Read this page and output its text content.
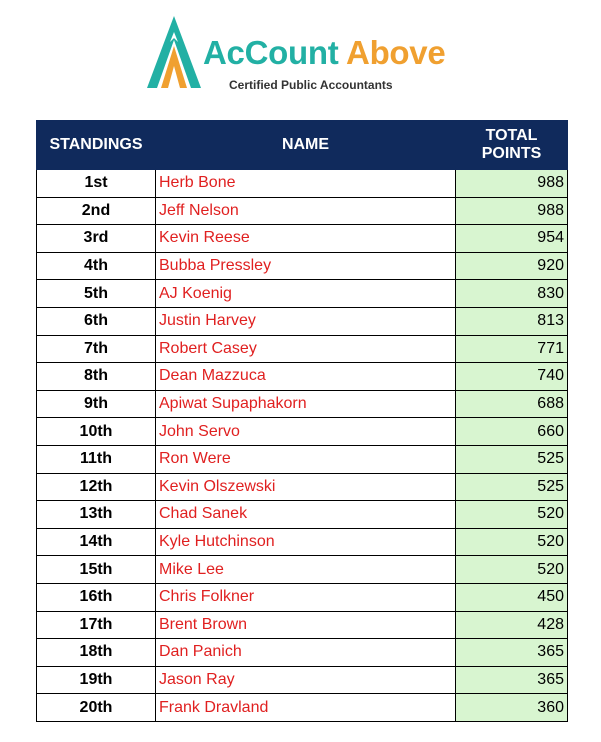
AcCount Above
Certified Public Accountants
STANDINGS	NAME	TOTAL
POINTS
1st	Herb Bone	988
2nd	Jeff Nelson	988
3rd	Kevin Reese	954
4th	Bubba Pressley	920
5th	AJ Koenig	830
6th	Justin Harvey	813
7th	Robert Casey	771
8th	Dean Mazzuca	740
9th	Apiwat Supaphakorn	688
10th	John Servo	660
11th	Ron Were	525
12th	Kevin Olszewski	525
13th	Chad Sanek	520
14th	Kyle Hutchinson	520
15th	Mike Lee	520
16th	Chris Folkner	450
17th	Brent Brown	428
18th	Dan Panich	365
19th	Jason Ray	365
20th	Frank Dravland	360
